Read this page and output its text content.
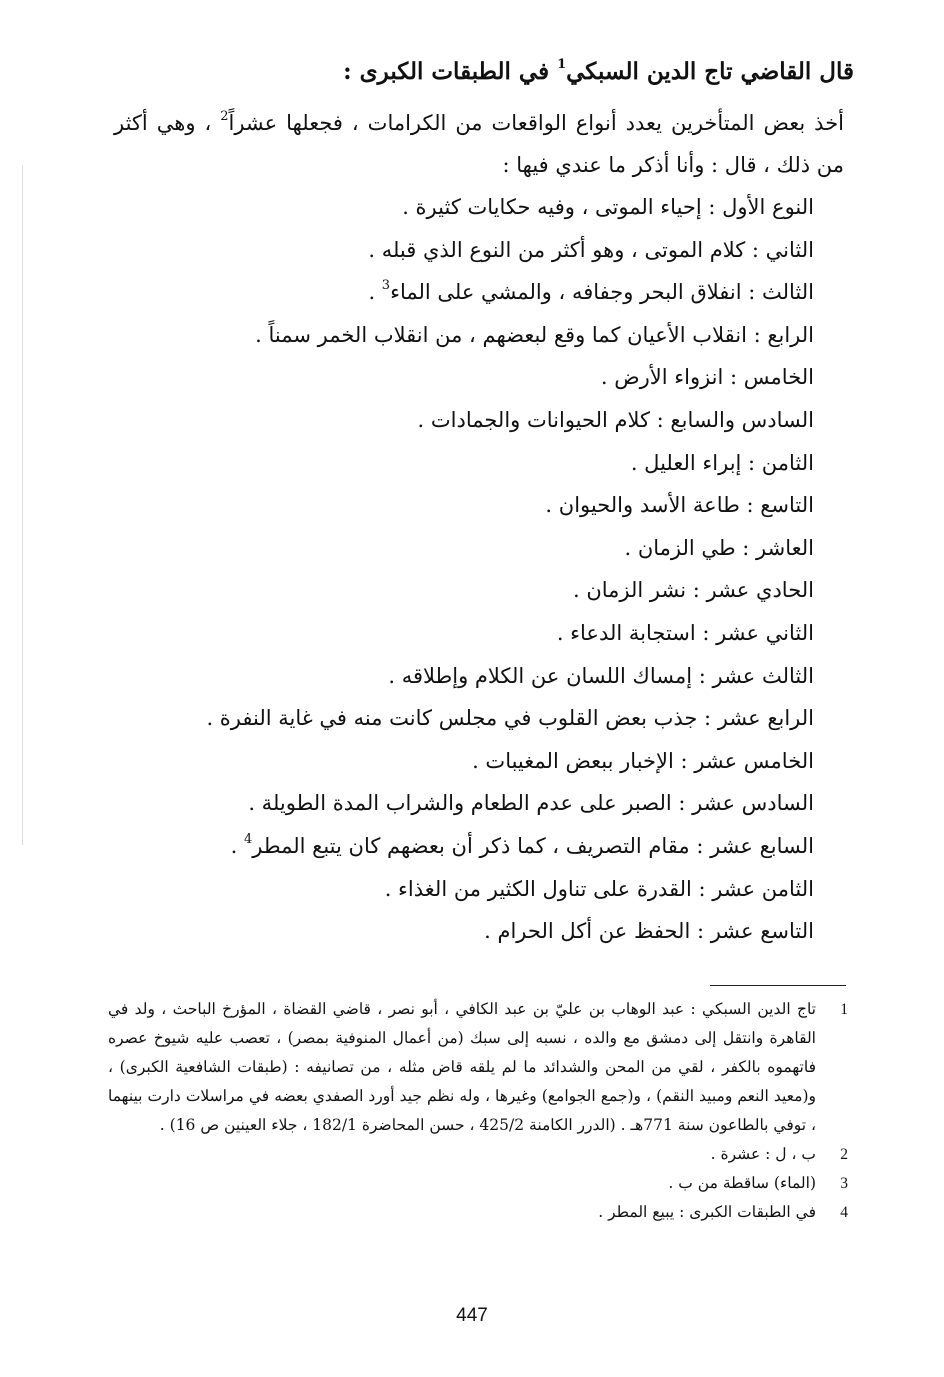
قال القاضي تاج الدين السبكي$^1$ في الطبقات الكبرى :
أخذ بعض المتأخرين يعدد أنواع الواقعات من الكرامات ، فجعلها عشراً$^2$ ، وهي أكثر من ذلك ، قال : وأنا أذكر ما عندي فيها :
النوع الأول : إحياء الموتى ، وفيه حكايات كثيرة .
الثاني : كلام الموتى ، وهو أكثر من النوع الذي قبله .
الثالث : انفلاق البحر وجفافه ، والمشي على الماء$^3$ .
الرابع : انقلاب الأعيان كما وقع لبعضهم ، من انقلاب الخمر سمناً .
الخامس : انزواء الأرض .
السادس والسابع : كلام الحيوانات والجمادات .
الثامن : إبراء العليل .
التاسع : طاعة الأسد والحيوان .
العاشر : طي الزمان .
الحادي عشر : نشر الزمان .
الثاني عشر : استجابة الدعاء .
الثالث عشر : إمساك اللسان عن الكلام وإطلاقه .
الرابع عشر : جذب بعض القلوب في مجلس كانت منه في غاية النفرة .
الخامس عشر : الإخبار ببعض المغيبات .
السادس عشر : الصبر على عدم الطعام والشراب المدة الطويلة .
السابع عشر : مقام التصريف ، كما ذكر أن بعضهم كان يتبع المطر$^4$ .
الثامن عشر : القدرة على تناول الكثير من الغذاء .
التاسع عشر : الحفظ عن أكل الحرام .
1
تاج الدين السبكي : عبد الوهاب بن عليّ بن عبد الكافي ، أبو نصر ، قاضي القضاة ، المؤرخ الباحث ، ولد في القاهرة وانتقل إلى دمشق مع والده ، نسبه إلى سبك (من أعمال المنوفية بمصر) ، تعصب عليه شيوخ عصره فاتهموه بالكفر ، لقي من المحن والشدائد ما لم يلقه قاض مثله ، من تصانيفه : (طبقات الشافعية الكبرى) ، و(معيد النعم ومبيد النقم) ، و(جمع الجوامع) وغيرها ، وله نظم جيد أورد الصفدي بعضه في مراسلات دارت بينهما ، توفي بالطاعون سنة 771هـ . (الدرر الكامنة 425/2 ، حسن المحاضرة 182/1 ، جلاء العينين ص 16) .
2
ب ، ل : عشرة .
3
(الماء) ساقطة من ب .
4
في الطبقات الكبرى : يبيع المطر .
447
